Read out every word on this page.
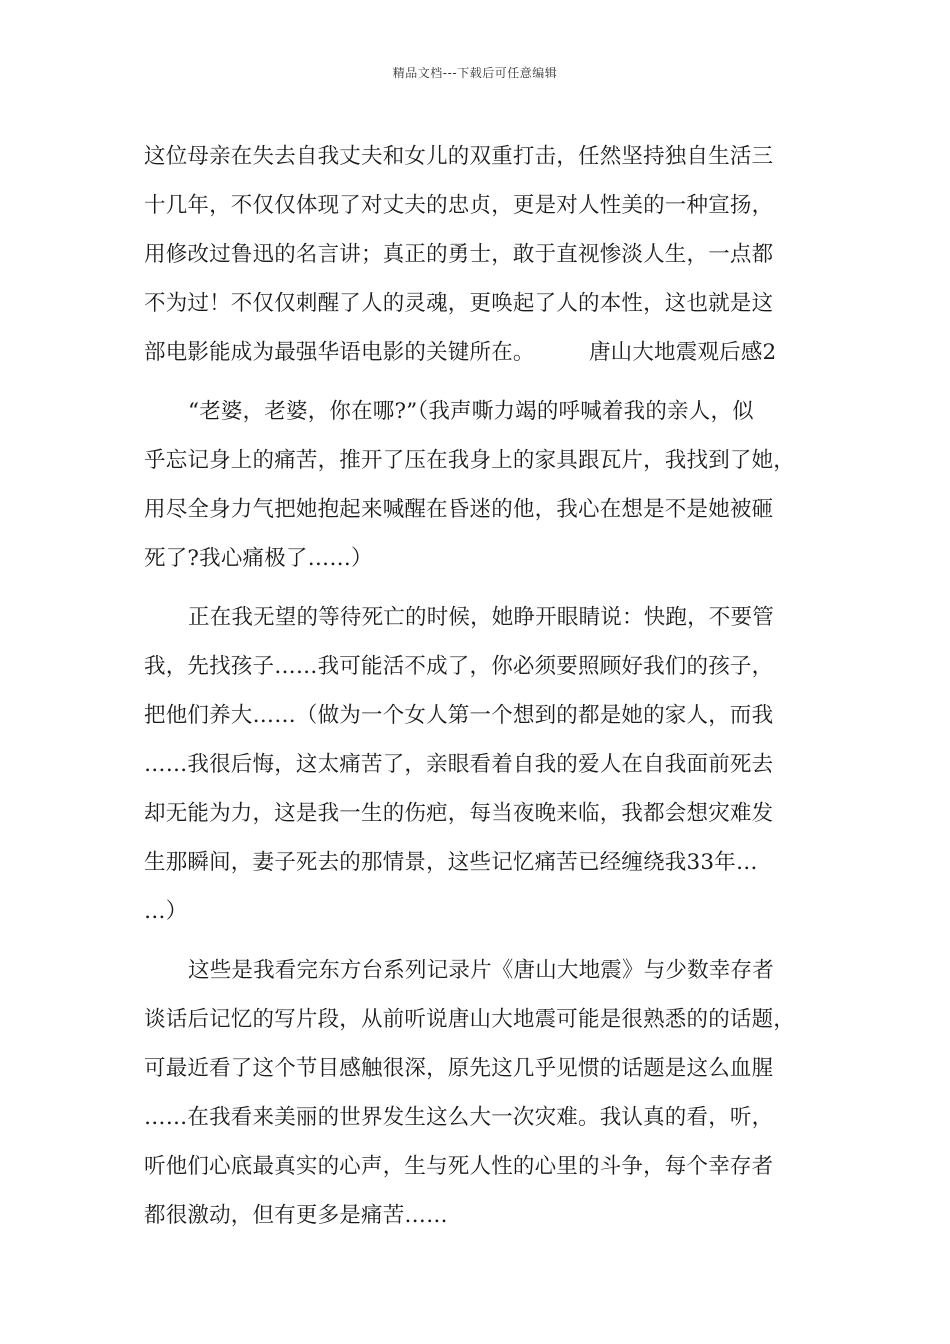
精品文档---下载后可任意编辑
这位母亲在失去自我丈夫和女儿的双重打击，任然坚持独自生活三
十几年，不仅仅体现了对丈夫的忠贞，更是对人性美的一种宣扬，
用修改过鲁迅的名言讲；真正的勇士，敢于直视惨淡人生，一点都
不为过！不仅仅刺醒了人的灵魂，更唤起了人的本性，这也就是这
部电影能成为最强华语电影的关键所在。　　　唐山大地震观后感2
“老婆，老婆，你在哪?”（我声嘶力竭的呼喊着我的亲人，似
乎忘记身上的痛苦，推开了压在我身上的家具跟瓦片，我找到了她，
用尽全身力气把她抱起来喊醒在昏迷的他，我心在想是不是她被砸
死了?我心痛极了……）
正在我无望的等待死亡的时候，她睁开眼睛说：快跑，不要管
我，先找孩子……我可能活不成了，你必须要照顾好我们的孩子，
把他们养大……（做为一个女人第一个想到的都是她的家人，而我
……我很后悔，这太痛苦了，亲眼看着自我的爱人在自我面前死去
却无能为力，这是我一生的伤疤，每当夜晚来临，我都会想灾难发
生那瞬间，妻子死去的那情景，这些记忆痛苦已经缠绕我33年…
…）
这些是我看完东方台系列记录片《唐山大地震》与少数幸存者
谈话后记忆的写片段，从前听说唐山大地震可能是很熟悉的的话题，
可最近看了这个节目感触很深，原先这几乎见惯的话题是这么血腥
……在我看来美丽的世界发生这么大一次灾难。我认真的看，听，
听他们心底最真实的心声，生与死人性的心里的斗争，每个幸存者
都很激动，但有更多是痛苦……
